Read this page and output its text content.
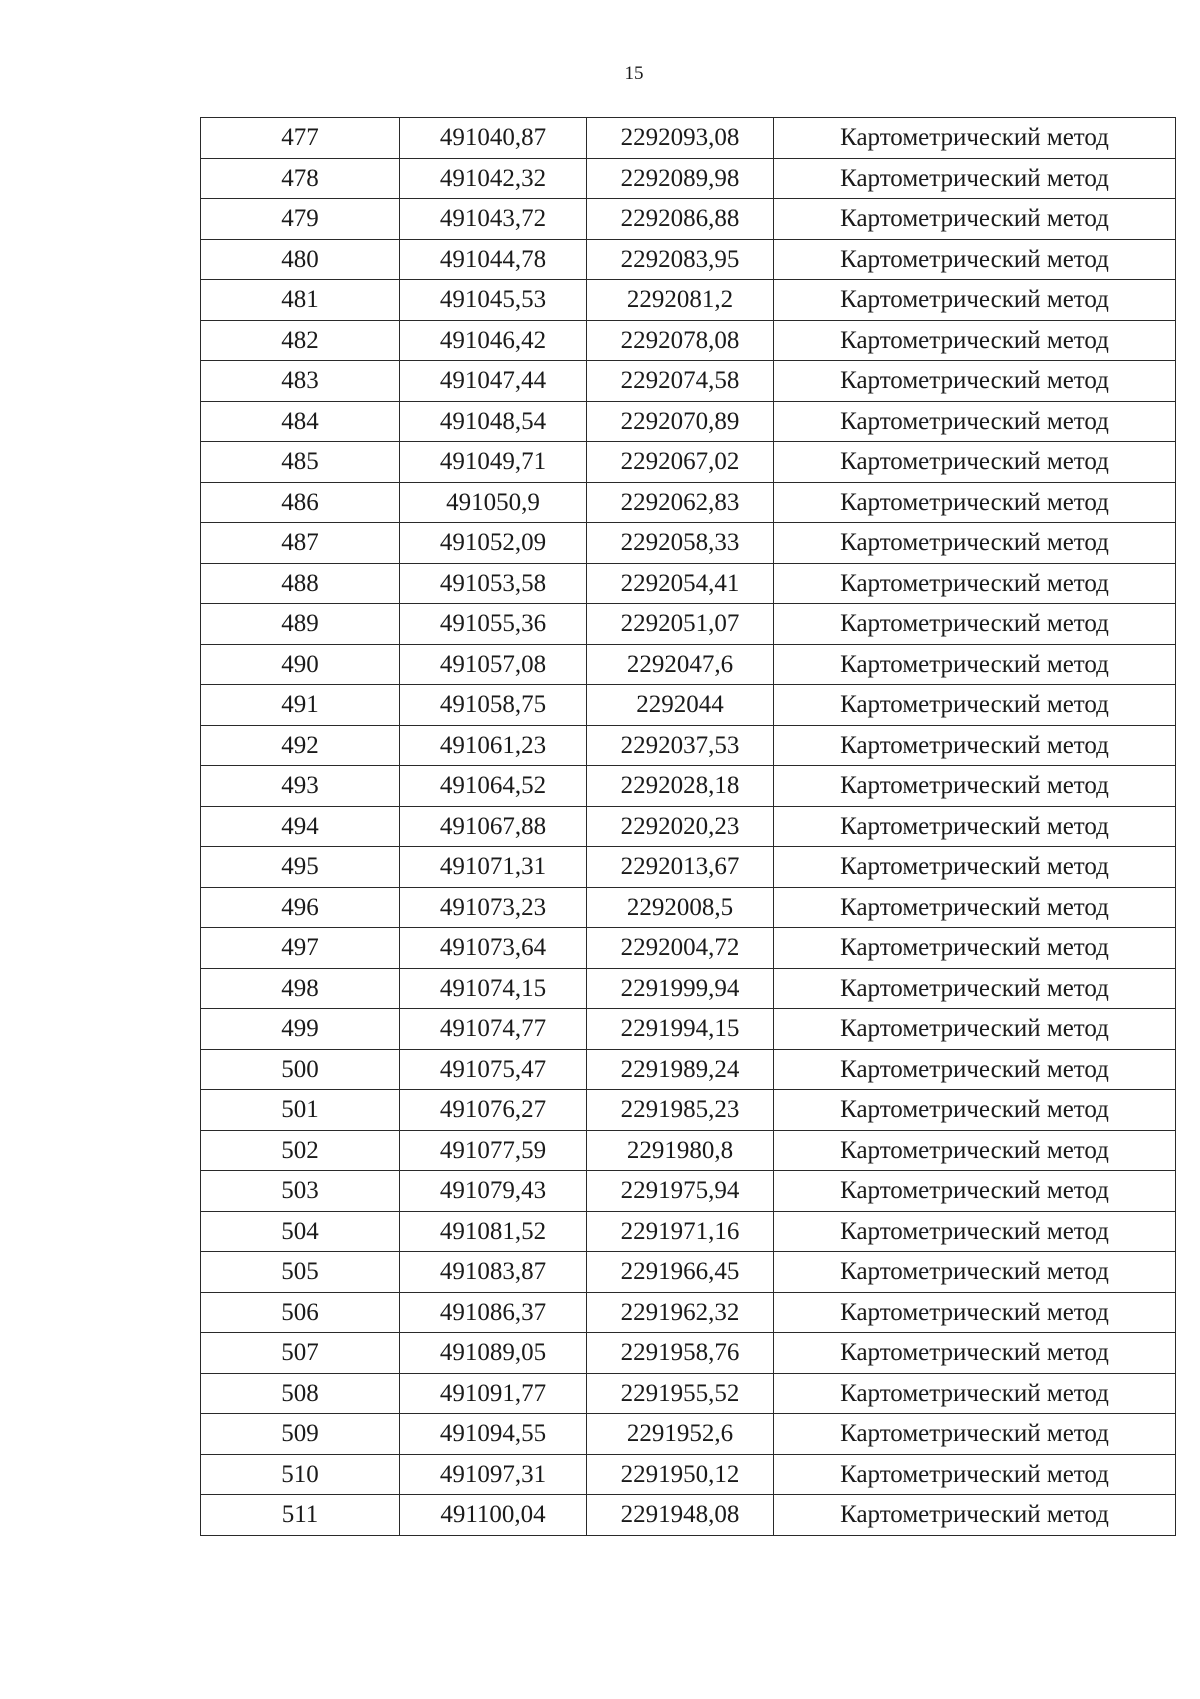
15
477	491040,87	2292093,08	Картометрический метод
478	491042,32	2292089,98	Картометрический метод
479	491043,72	2292086,88	Картометрический метод
480	491044,78	2292083,95	Картометрический метод
481	491045,53	2292081,2	Картометрический метод
482	491046,42	2292078,08	Картометрический метод
483	491047,44	2292074,58	Картометрический метод
484	491048,54	2292070,89	Картометрический метод
485	491049,71	2292067,02	Картометрический метод
486	491050,9	2292062,83	Картометрический метод
487	491052,09	2292058,33	Картометрический метод
488	491053,58	2292054,41	Картометрический метод
489	491055,36	2292051,07	Картометрический метод
490	491057,08	2292047,6	Картометрический метод
491	491058,75	2292044	Картометрический метод
492	491061,23	2292037,53	Картометрический метод
493	491064,52	2292028,18	Картометрический метод
494	491067,88	2292020,23	Картометрический метод
495	491071,31	2292013,67	Картометрический метод
496	491073,23	2292008,5	Картометрический метод
497	491073,64	2292004,72	Картометрический метод
498	491074,15	2291999,94	Картометрический метод
499	491074,77	2291994,15	Картометрический метод
500	491075,47	2291989,24	Картометрический метод
501	491076,27	2291985,23	Картометрический метод
502	491077,59	2291980,8	Картометрический метод
503	491079,43	2291975,94	Картометрический метод
504	491081,52	2291971,16	Картометрический метод
505	491083,87	2291966,45	Картометрический метод
506	491086,37	2291962,32	Картометрический метод
507	491089,05	2291958,76	Картометрический метод
508	491091,77	2291955,52	Картометрический метод
509	491094,55	2291952,6	Картометрический метод
510	491097,31	2291950,12	Картометрический метод
511	491100,04	2291948,08	Картометрический метод
